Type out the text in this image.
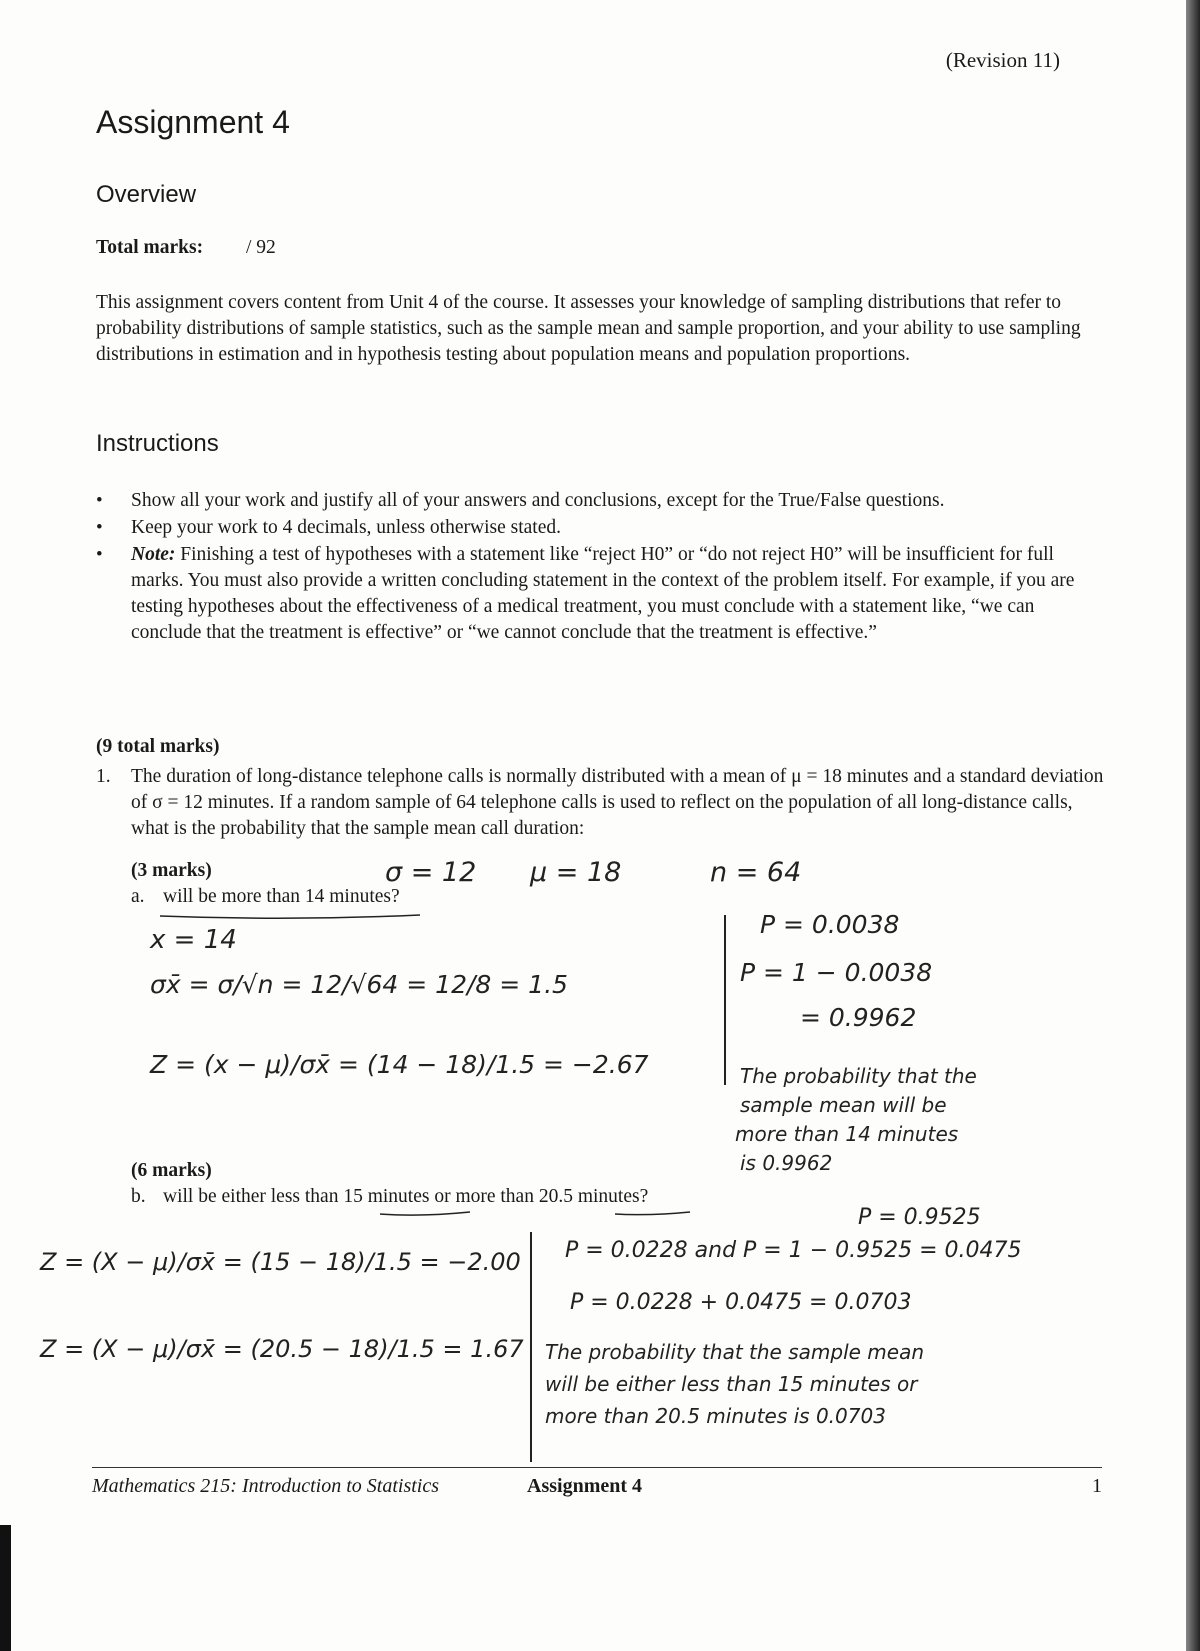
(Revision 11)
Assignment 4
Overview
Total marks: / 92
This assignment covers content from Unit 4 of the course. It assesses your knowledge of sampling distributions that refer to probability distributions of sample statistics, such as the sample mean and sample proportion, and your ability to use sampling distributions in estimation and in hypothesis testing about population means and population proportions.
Instructions
• Show all your work and justify all of your answers and conclusions, except for the True/False questions.
• Keep your work to 4 decimals, unless otherwise stated.
• Note: Finishing a test of hypotheses with a statement like “reject H0” or “do not reject H0” will be insufficient for full marks. You must also provide a written concluding statement in the context of the problem itself. For example, if you are testing hypotheses about the effectiveness of a medical treatment, you must conclude with a statement like, “we can conclude that the treatment is effective” or “we cannot conclude that the treatment is effective.”
(9 total marks)
1. The duration of long-distance telephone calls is normally distributed with a mean of μ = 18 minutes and a standard deviation of σ = 12 minutes. If a random sample of 64 telephone calls is used to reflect on the population of all long-distance calls, what is the probability that the sample mean call duration:
(3 marks)
a. will be more than 14 minutes?
(6 marks)
b. will be either less than 15 minutes or more than 20.5 minutes?
σ = 12 μ = 18	n = 64
x = 14
σx̄ = σ/√n = 12/√64 = 12/8 = 1.5
Z = (x − μ)/σx̄ = (14 − 18)/1.5 = −2.67
P = 0.0038
P = 1 − 0.0038
= 0.9962
The probability that the
sample mean will be
more than 14 minutes
is 0.9962
Z = (X − μ)/σx̄ = (15 − 18)/1.5 = −2.00
Z = (X − μ)/σx̄ = (20.5 − 18)/1.5 = 1.67
P = 0.9525
P = 0.0228 and P = 1 − 0.9525 = 0.0475
P = 0.0228 + 0.0475 = 0.0703
The probability that the sample mean
will be either less than 15 minutes or
more than 20.5 minutes is 0.0703
Mathematics 215: Introduction to Statistics	Assignment 4	1
